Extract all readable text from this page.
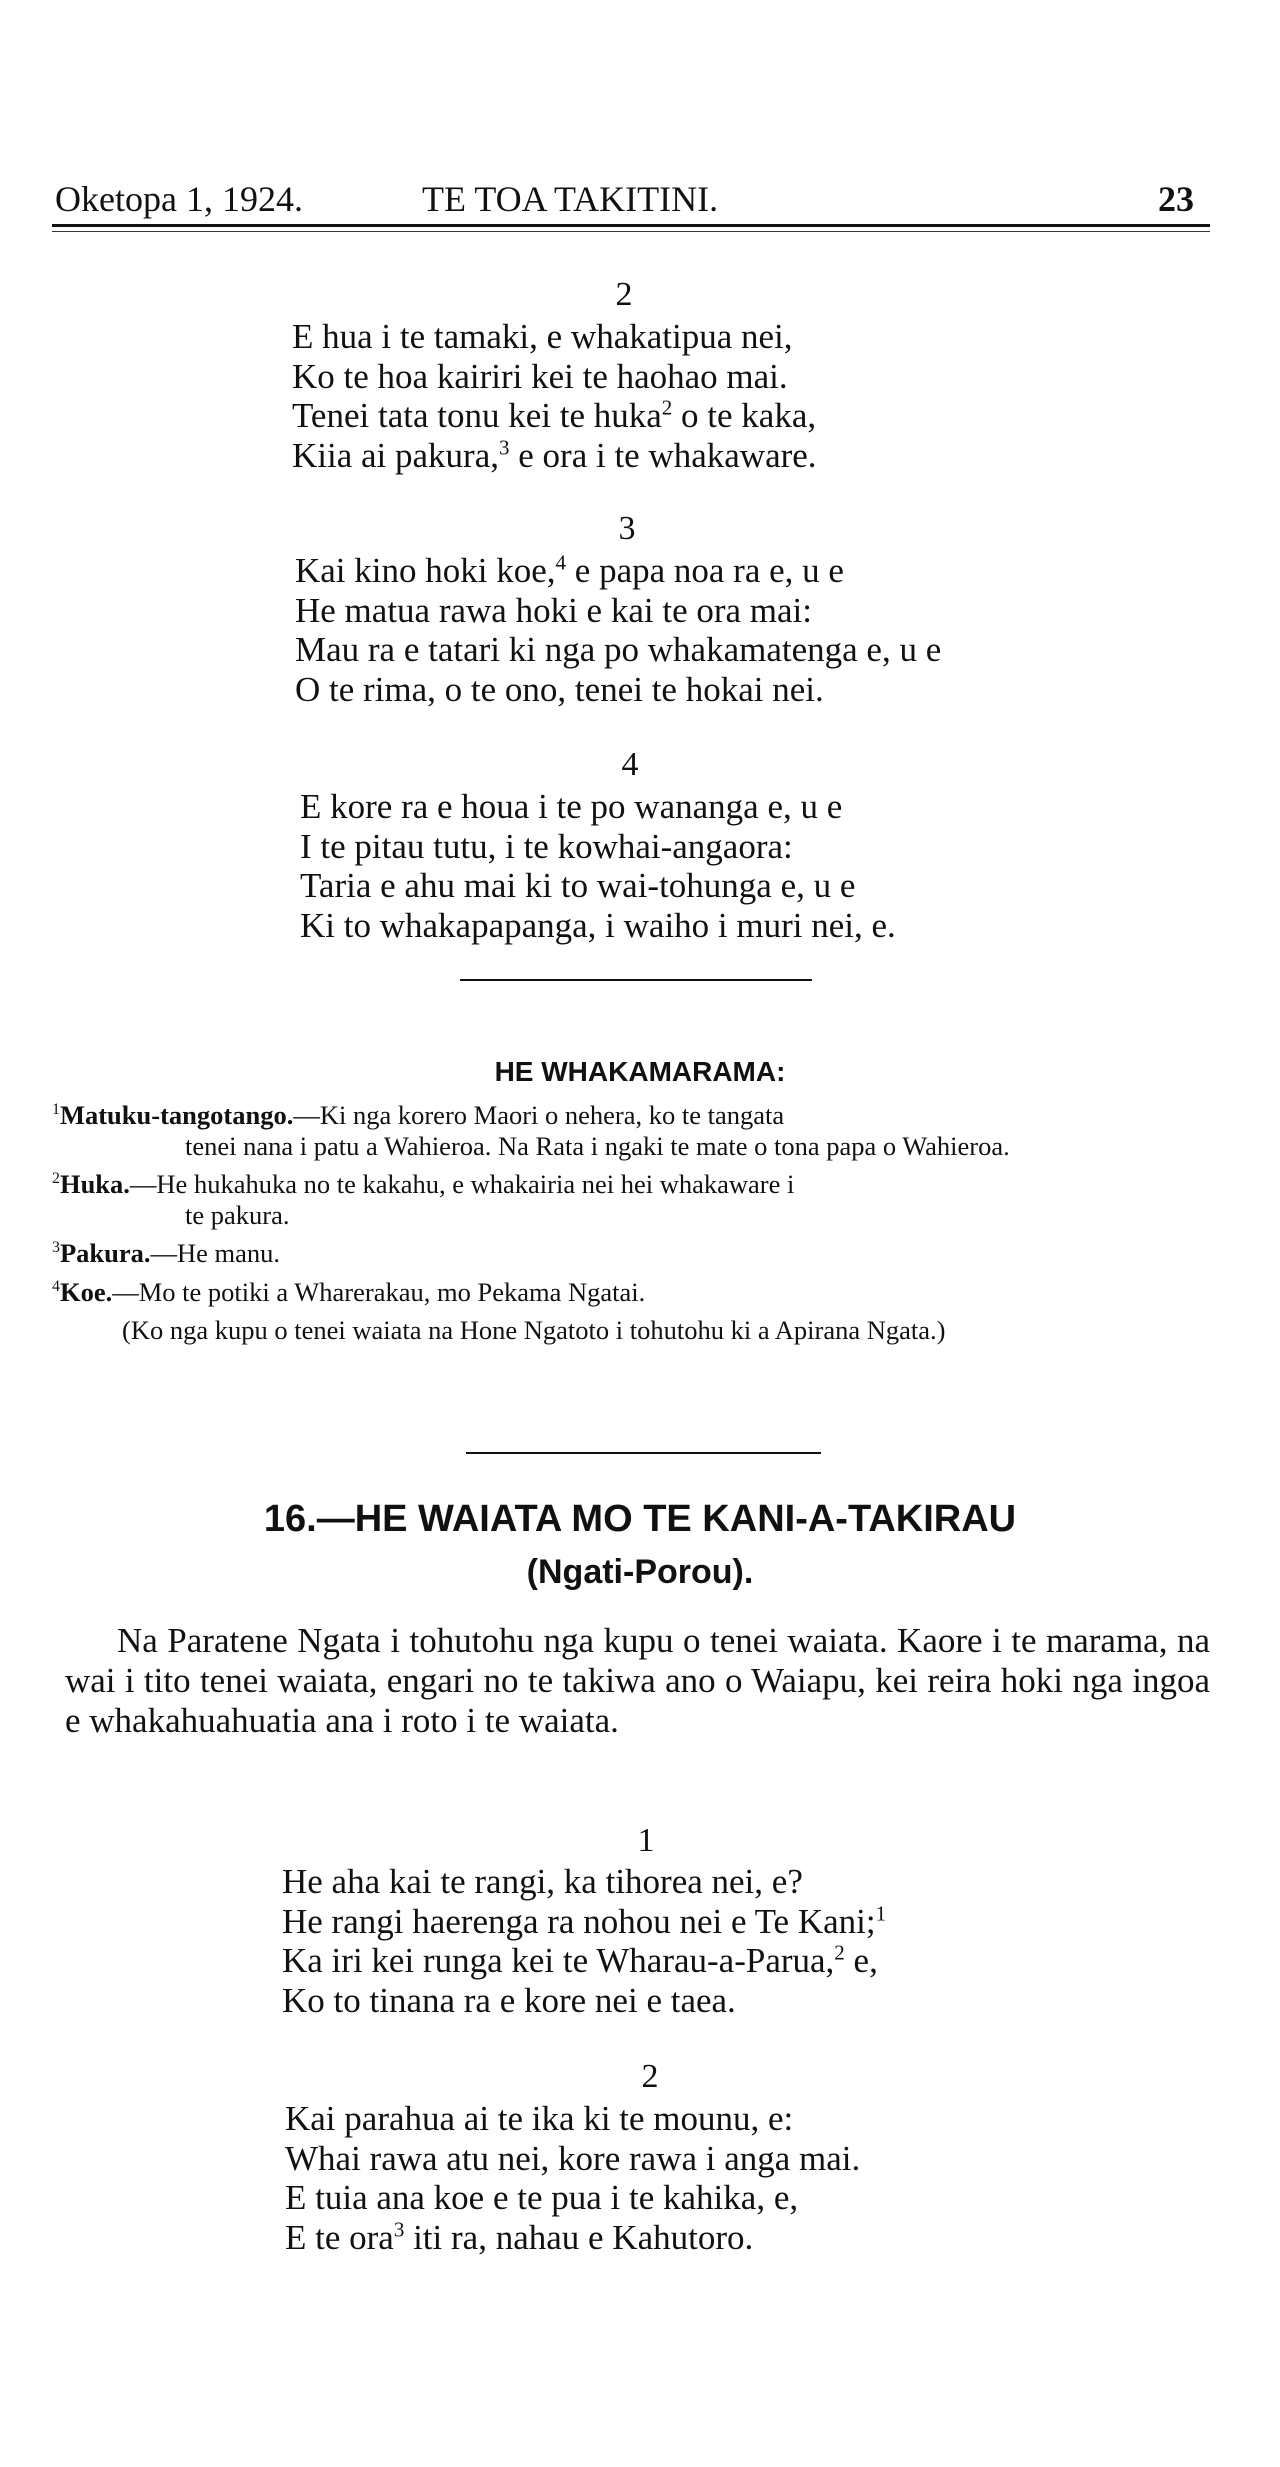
Oketopa 1, 1924.	TE TOA TAKITINI.	23
2
E hua i te tamaki, e whakatipua nei,
Ko te hoa kairiri kei te haohao mai.
Tenei tata tonu kei te huka$^2$ o te kaka,
Kiia ai pakura,$^3$ e ora i te whakaware.
3
Kai kino hoki koe,$^4$ e papa noa ra e, u e
He matua rawa hoki e kai te ora mai:
Mau ra e tatari ki nga po whakamatenga e, u e
O te rima, o te ono, tenei te hokai nei.
4
E kore ra e houa i te po wananga e, u e
I te pitau tutu, i te kowhai-angaora:
Taria e ahu mai ki to wai-tohunga e, u e
Ki to whakapapanga, i waiho i muri nei, e.
HE WHAKAMARAMA:
$^1$Matuku-tangotango.—Ki nga korero Maori o nehera, ko te tangata
tenei nana i patu a Wahieroa. Na Rata i ngaki te mate o tona papa o Wahieroa.
$^2$Huka.—He hukahuka no te kakahu, e whakairia nei hei whakaware i
te pakura.
$^3$Pakura.—He manu.
$^4$Koe.—Mo te potiki a Wharerakau, mo Pekama Ngatai.
(Ko nga kupu o tenei waiata na Hone Ngatoto i tohutohu ki a Apirana Ngata.)
16.—HE WAIATA MO TE KANI-A-TAKIRAU
(Ngati-Porou).
Na Paratene Ngata i tohutohu nga kupu o tenei waiata. Kaore i te marama, na wai i tito tenei waiata, engari no te takiwa ano o Waiapu, kei reira hoki nga ingoa e whakahuahuatia ana i roto i te waiata.
1
He aha kai te rangi, ka tihorea nei, e?
He rangi haerenga ra nohou nei e Te Kani;$^1$
Ka iri kei runga kei te Wharau-a-Parua,$^2$ e,
Ko to tinana ra e kore nei e taea.
2
Kai parahua ai te ika ki te mounu, e:
Whai rawa atu nei, kore rawa i anga mai.
E tuia ana koe e te pua i te kahika, e,
E te ora$^3$ iti ra, nahau e Kahutoro.
